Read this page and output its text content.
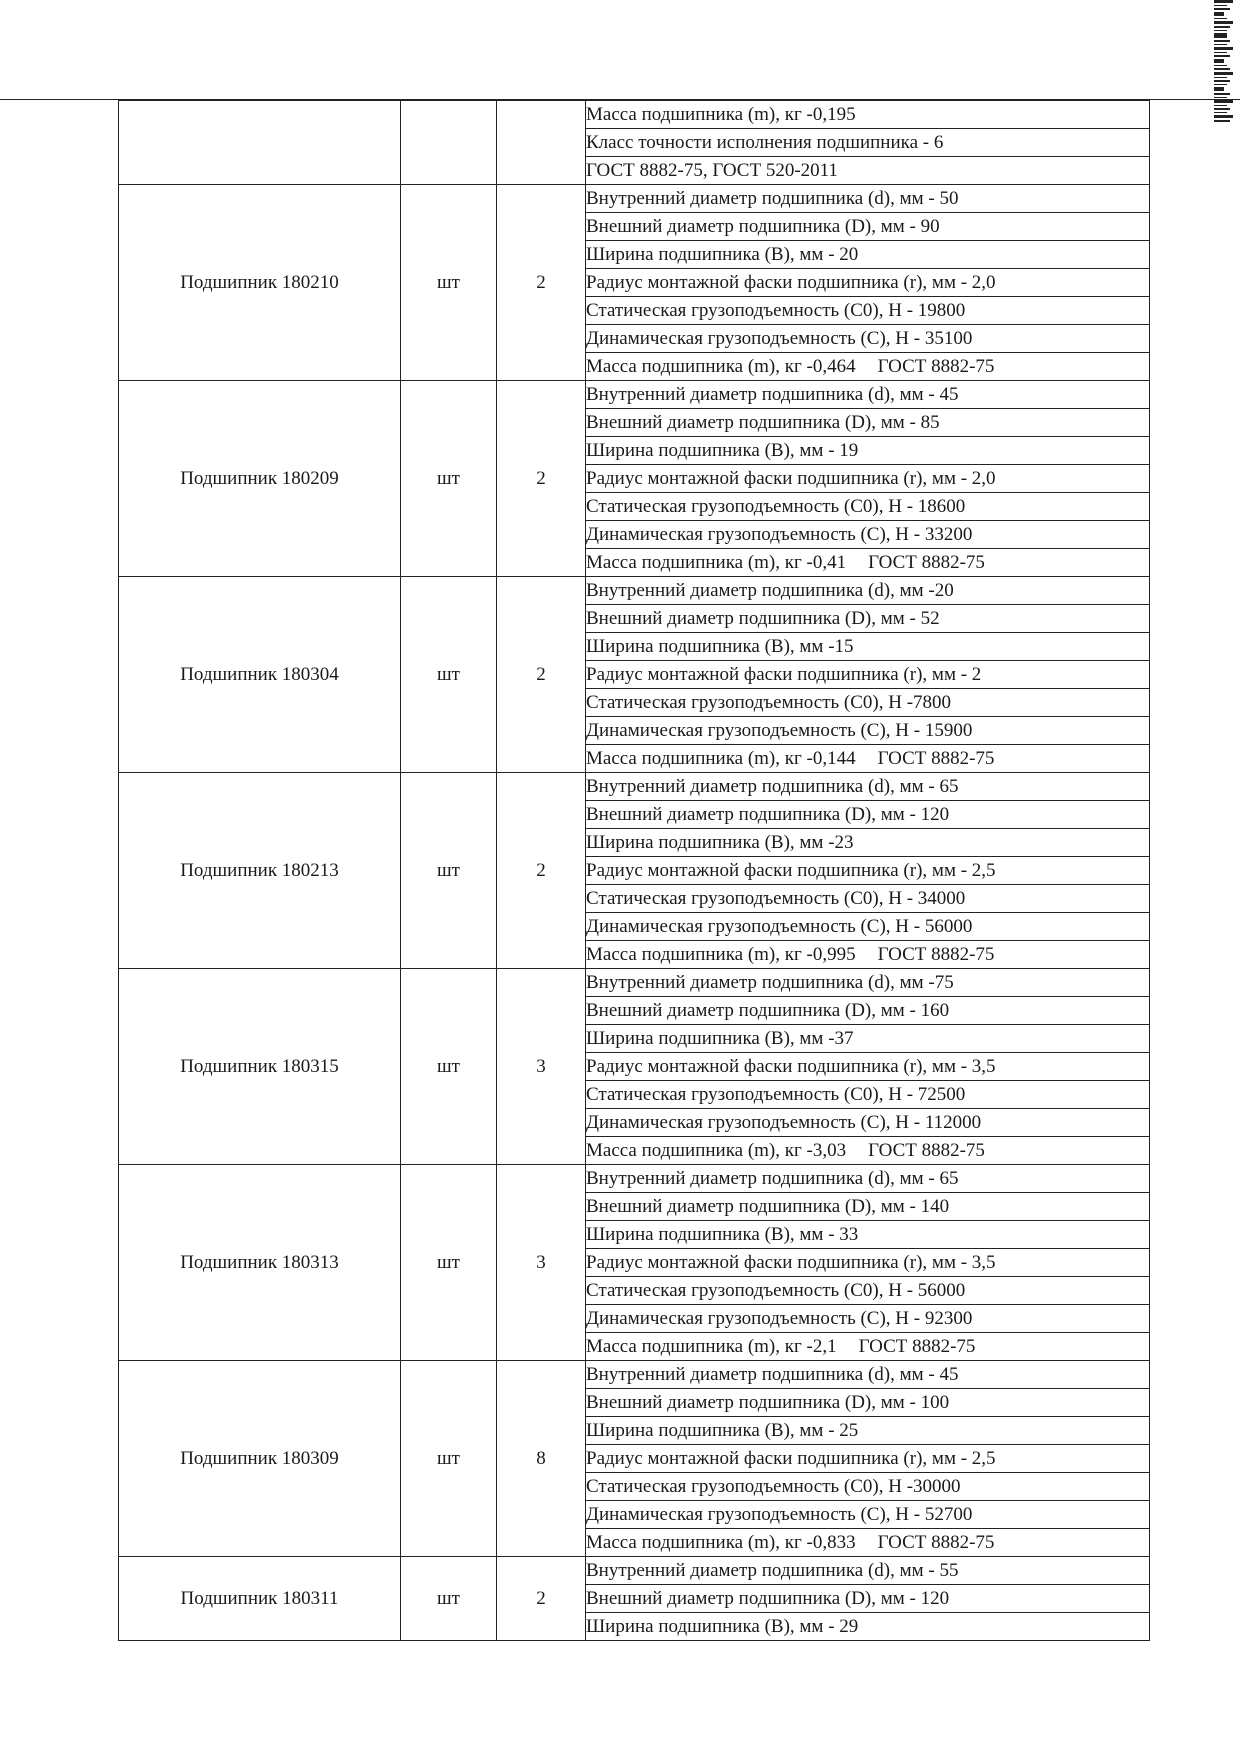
			Масса подшипника (m), кг -0,195
			Класс точности исполнения подшипника - 6
			ГОСТ 8882-75, ГОСТ 520-2011
Подшипник 180210	шт	2	Внутренний диаметр подшипника (d), мм - 50
			Внешний диаметр подшипника (D), мм - 90
			Ширина подшипника (B), мм - 20
			Радиус монтажной фаски подшипника (r), мм - 2,0
			Статическая грузоподъемность (C0), Н - 19800
			Динамическая грузоподъемность (C), Н - 35100
			Масса подшипника (m), кг -0,464 ГОСТ 8882-75
Подшипник 180209	шт	2	Внутренний диаметр подшипника (d), мм - 45
			Внешний диаметр подшипника (D), мм - 85
			Ширина подшипника (B), мм - 19
			Радиус монтажной фаски подшипника (r), мм - 2,0
			Статическая грузоподъемность (C0), Н - 18600
			Динамическая грузоподъемность (C), Н - 33200
			Масса подшипника (m), кг -0,41 ГОСТ 8882-75
Подшипник 180304	шт	2	Внутренний диаметр подшипника (d), мм -20
			Внешний диаметр подшипника (D), мм - 52
			Ширина подшипника (B), мм -15
			Радиус монтажной фаски подшипника (r), мм - 2
			Статическая грузоподъемность (C0), Н -7800
			Динамическая грузоподъемность (C), Н - 15900
			Масса подшипника (m), кг -0,144 ГОСТ 8882-75
Подшипник 180213	шт	2	Внутренний диаметр подшипника (d), мм - 65
			Внешний диаметр подшипника (D), мм - 120
			Ширина подшипника (B), мм -23
			Радиус монтажной фаски подшипника (r), мм - 2,5
			Статическая грузоподъемность (C0), Н - 34000
			Динамическая грузоподъемность (C), Н - 56000
			Масса подшипника (m), кг -0,995 ГОСТ 8882-75
Подшипник 180315	шт	3	Внутренний диаметр подшипника (d), мм -75
			Внешний диаметр подшипника (D), мм - 160
			Ширина подшипника (B), мм -37
			Радиус монтажной фаски подшипника (r), мм - 3,5
			Статическая грузоподъемность (C0), Н - 72500
			Динамическая грузоподъемность (C), Н - 112000
			Масса подшипника (m), кг -3,03 ГОСТ 8882-75
Подшипник 180313	шт	3	Внутренний диаметр подшипника (d), мм - 65
			Внешний диаметр подшипника (D), мм - 140
			Ширина подшипника (B), мм - 33
			Радиус монтажной фаски подшипника (r), мм - 3,5
			Статическая грузоподъемность (C0), Н - 56000
			Динамическая грузоподъемность (C), Н - 92300
			Масса подшипника (m), кг -2,1 ГОСТ 8882-75
Подшипник 180309	шт	8	Внутренний диаметр подшипника (d), мм - 45
			Внешний диаметр подшипника (D), мм - 100
			Ширина подшипника (B), мм - 25
			Радиус монтажной фаски подшипника (r), мм - 2,5
			Статическая грузоподъемность (C0), Н -30000
			Динамическая грузоподъемность (C), Н - 52700
			Масса подшипника (m), кг -0,833 ГОСТ 8882-75
Подшипник 180311	шт	2	Внутренний диаметр подшипника (d), мм - 55
			Внешний диаметр подшипника (D), мм - 120
			Ширина подшипника (B), мм - 29
